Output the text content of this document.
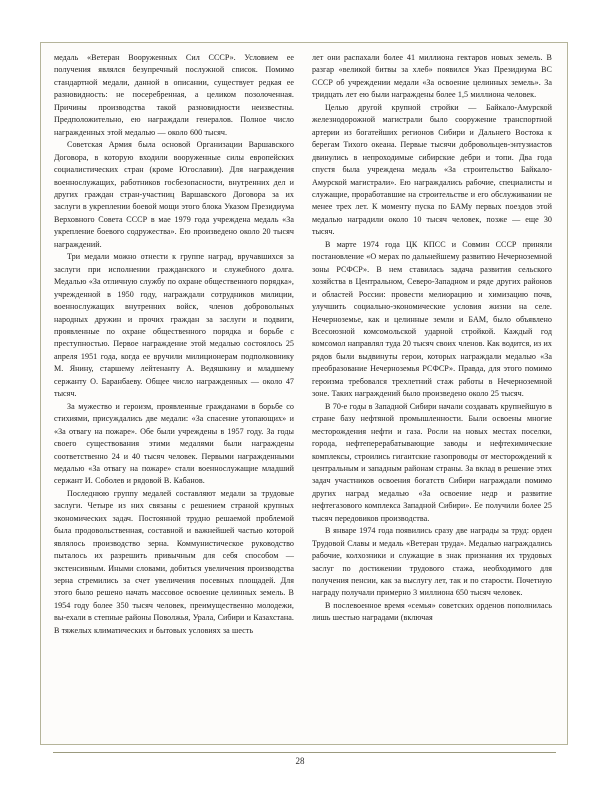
медаль «Ветеран Вооруженных Сил СССР». Условием ее получения являлся безупречный послужной список. Помимо стандартной медали, данной в описании, существует редкая ее разновидность: не посеребренная, а целиком позолоченная. Причины производства такой разновидности неизвестны. Предположительно, ею награждали генералов. Полное число награжденных этой медалью — около 600 тысяч.

Советская Армия была основой Организации Варшавского Договора, в которую входили вооруженные силы европейских социалистических стран (кроме Югославии). Для награждения военнослужащих, работников госбезопасности, внутренних дел и других граждан стран-участниц Варшавского Договора за их заслуги в укреплении боевой мощи этого блока Указом Президиума Верховного Совета СССР в мае 1979 года учреждена медаль «За укрепление боевого содружества». Ею произведено около 20 тысяч награждений.

Три медали можно отнести к группе наград, вручавшихся за заслуги при исполнении гражданского и служебного долга. Медалью «За отличную службу по охране общественного порядка», учрежденной в 1950 году, награждали сотрудников милиции, военнослужащих внутренних войск, членов добровольных народных дружин и прочих граждан за заслуги и подвиги, проявленные по охране общественного порядка и борьбе с преступностью. Первое награждение этой медалью состоялось 25 апреля 1951 года, когда ее вручили милиционерам подполковнику М. Янину, старшему лейтенанту А. Ведяшкину и младшему сержанту О. Баранбаеву. Общее число награжденных — около 47 тысяч.

За мужество и героизм, проявленные гражданами в борьбе со стихиями, присуждались две медали: «За спасение утопающих» и «За отвагу на пожаре». Обе были учреждены в 1957 году. За годы своего существования этими медалями были награждены соответственно 24 и 40 тысяч человек. Первыми награжденными медалью «За отвагу на пожаре» стали военнослужащие младший сержант И. Соболев и рядовой В. Кабанов.

Последнюю группу медалей составляют медали за трудовые заслуги. Четыре из них связаны с решением страной крупных экономических задач. Постоянной трудно решаемой проблемой была продовольственная, составной и важнейшей частью которой являлось производство зерна. Коммунистическое руководство пыталось их разрешить привычным для себя способом — экстенсивным. Иными словами, добиться увеличения производства зерна стремились за счет увеличения посевных площадей. Для этого было решено начать массовое освоение целинных земель. В 1954 году более 350 тысяч человек, преимущественно молодежи, вы-ехали в степные районы Поволжья, Урала, Сибири и Казахстана. В тяжелых климатических и бытовых условиях за шесть

лет они распахали более 41 миллиона гектаров новых земель. В разгар «великой битвы за хлеб» появился Указ Президиума ВС СССР об учреждении медали «За освоение целинных земель». За тридцать лет ею были награждены более 1,5 миллиона человек.

Целью другой крупной стройки — Байкало-Амурской железнодорожной магистрали было сооружение транспортной артерии из богатейших регионов Сибири и Дальнего Востока к берегам Тихого океана. Первые тысячи добровольцев-энтузиастов двинулись в непроходимые сибирские дебри и топи. Два года спустя была учреждена медаль «За строительство Байкало-Амурской магистрали». Ею награждались рабочие, специалисты и служащие, проработавшие на строительстве и его обслуживании не менее трех лет. К моменту пуска по БАМу первых поездов этой медалью наградили около 10 тысяч человек, позже — еще 30 тысяч.

В марте 1974 года ЦК КПСС и Совмин СССР приняли постановление «О мерах по дальнейшему развитию Нечерноземной зоны РСФСР». В нем ставилась задача развития сельского хозяйства в Центральном, Северо-Западном и ряде других районов и областей России: провести мелиорацию и химизацию почв, улучшить социально-экономические условия жизни на селе. Нечерноземье, как и целинные земли и БАМ, было объявлено Всесоюзной комсомольской ударной стройкой. Каждый год комсомол направлял туда 20 тысяч своих членов. Как водится, из их рядов были выдвинуты герои, которых награждали медалью «За преобразование Нечерноземья РСФСР». Правда, для этого помимо героизма требовался трехлетний стаж работы в Нечерноземной зоне. Таких награждений было произведено около 25 тысяч.

В 70-е годы в Западной Сибири начали создавать крупнейшую в стране базу нефтяной промышленности. Были освоены многие месторождения нефти и газа. Росли на новых местах поселки, города, нефтеперерабатывающие заводы и нефтехимические комплексы, строились гигантские газопроводы от месторождений к центральным и западным районам страны. За вклад в решение этих задач участников освоения богатств Сибири награждали помимо других наград медалью «За освоение недр и развитие нефтегазового комплекса Западной Сибири». Ее получили более 25 тысяч передовиков производства.

В январе 1974 года появились сразу две награды за труд: орден Трудовой Славы и медаль «Ветеран труда». Медалью награждались рабочие, колхозники и служащие в знак признания их трудовых заслуг по достижении трудового стажа, необходимого для получения пенсии, как за выслугу лет, так и по старости. Почетную награду получали примерно 3 миллиона 650 тысяч человек.

В послевоенное время «семья» советских орденов пополнилась лишь шестью наградами (включая

28
